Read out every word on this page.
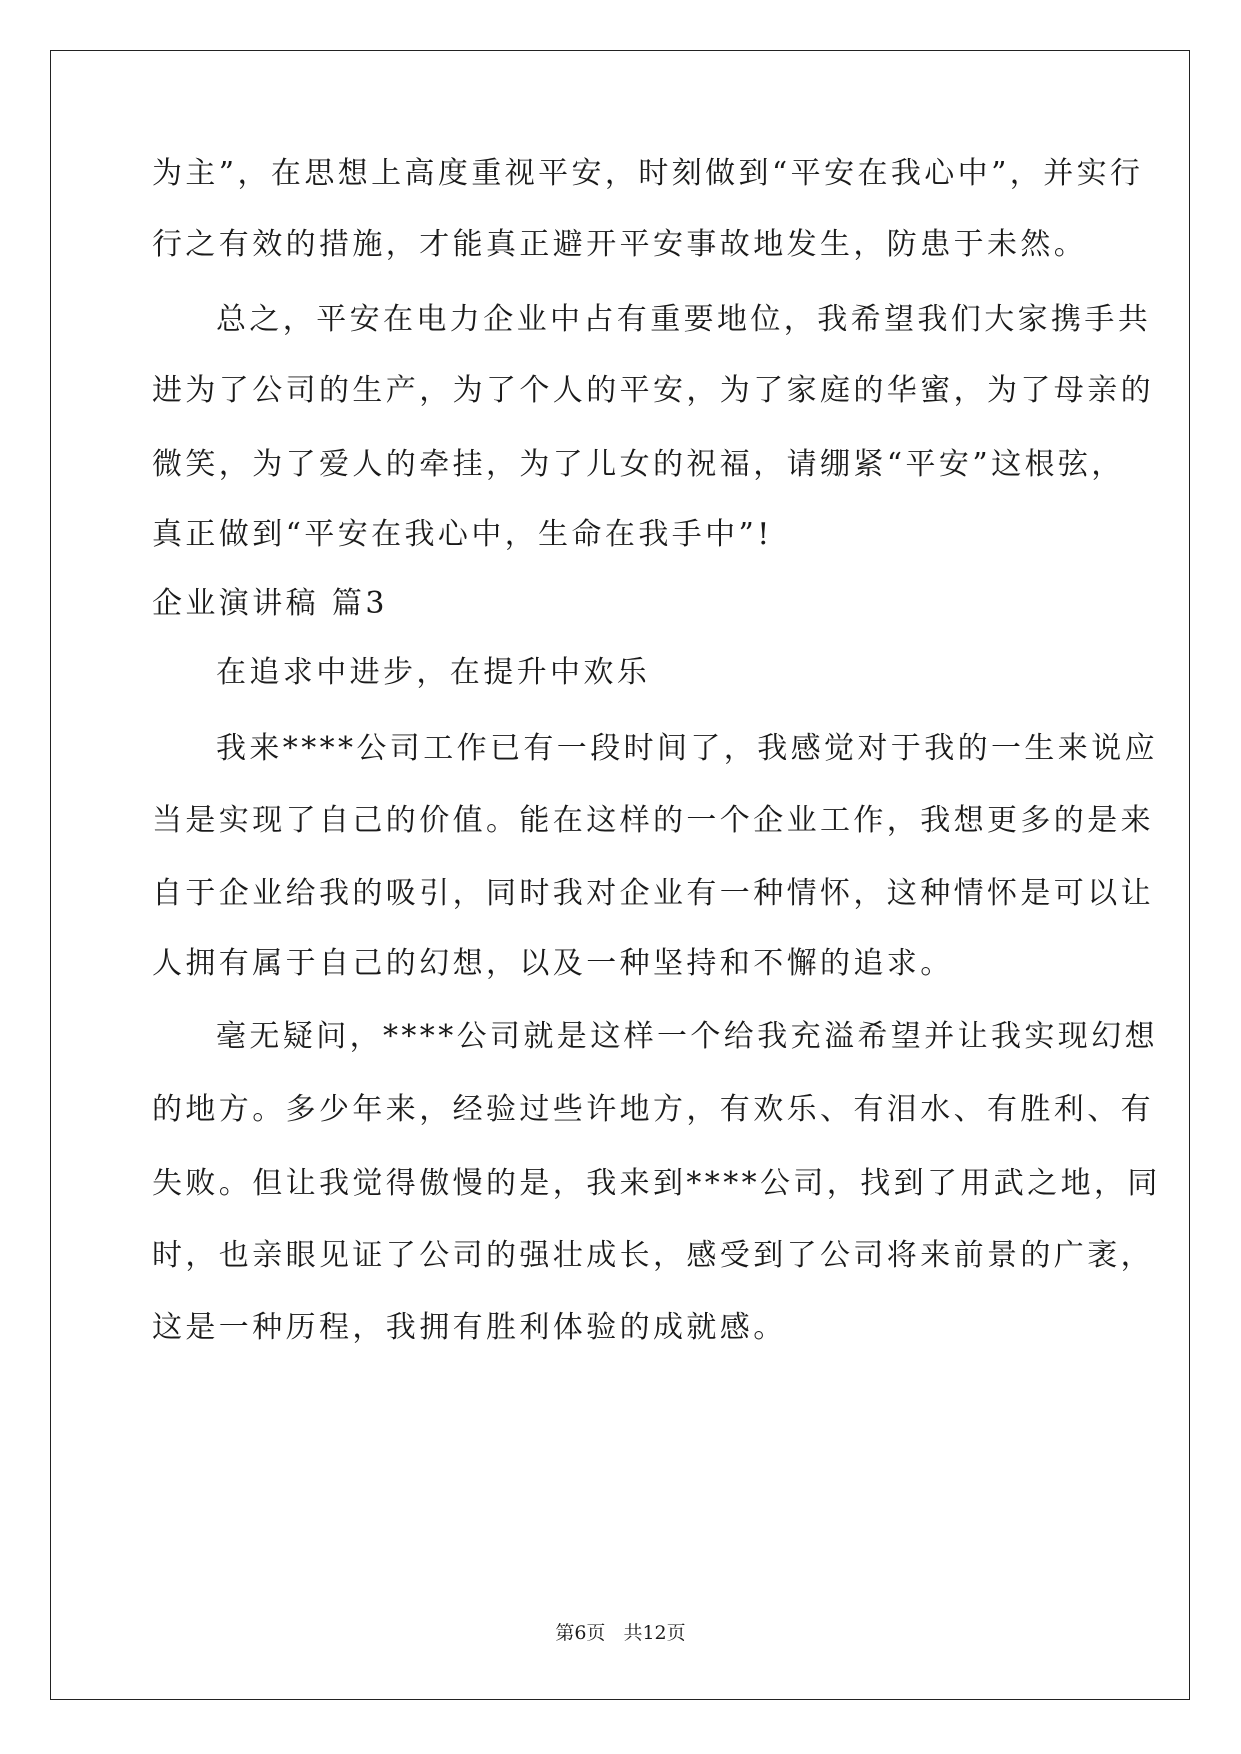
为主”，在思想上高度重视平安，时刻做到“平安在我心中”，并实行
行之有效的措施，才能真正避开平安事故地发生，防患于未然。
总之，平安在电力企业中占有重要地位，我希望我们大家携手共
进为了公司的生产，为了个人的平安，为了家庭的华蜜，为了母亲的
微笑，为了爱人的牵挂，为了儿女的祝福，请绷紧“平安”这根弦，
真正做到“平安在我心中，生命在我手中”!
企业演讲稿 篇3
在追求中进步，在提升中欢乐
我来****公司工作已有一段时间了，我感觉对于我的一生来说应
当是实现了自己的价值。能在这样的一个企业工作，我想更多的是来
自于企业给我的吸引，同时我对企业有一种情怀，这种情怀是可以让
人拥有属于自己的幻想，以及一种坚持和不懈的追求。
毫无疑问，****公司就是这样一个给我充溢希望并让我实现幻想
的地方。多少年来，经验过些许地方，有欢乐、有泪水、有胜利、有
失败。但让我觉得傲慢的是，我来到****公司，找到了用武之地，同
时，也亲眼见证了公司的强壮成长，感受到了公司将来前景的广袤，
这是一种历程，我拥有胜利体验的成就感。
第6页 共12页
